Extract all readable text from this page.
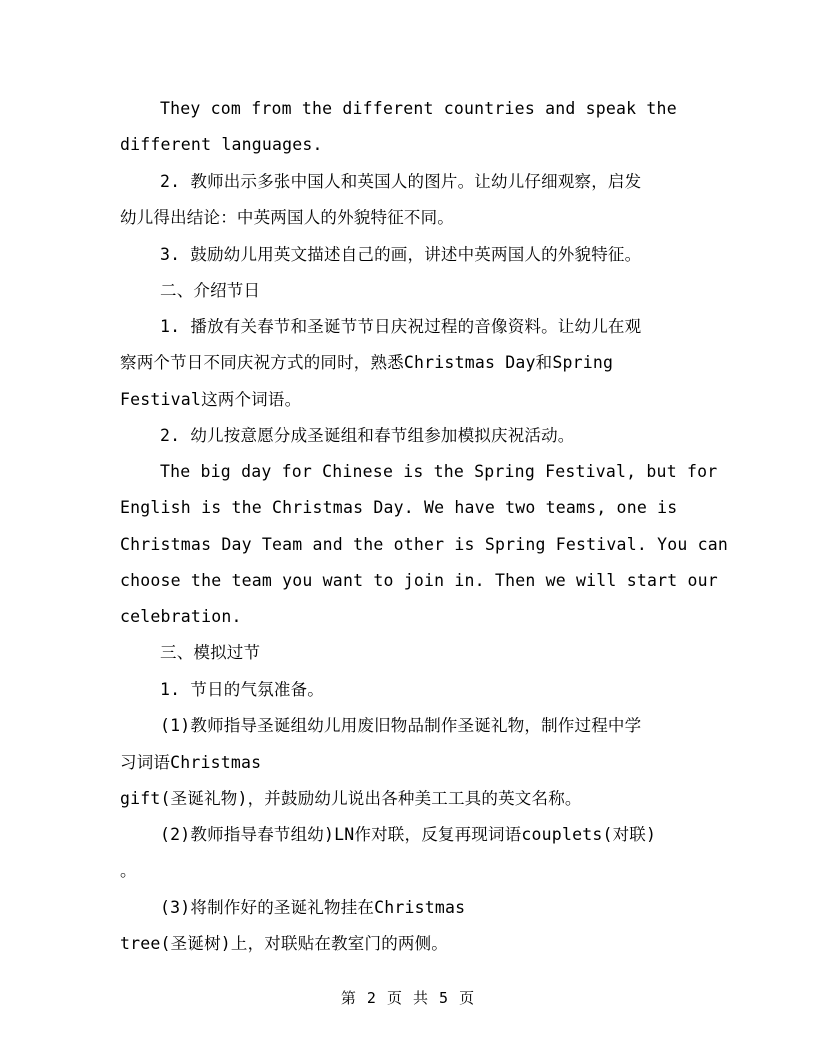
They com from the different countries and speak the
different languages.
2. 教师出示多张中国人和英国人的图片。让幼儿仔细观察，启发
幼儿得出结论：中英两国人的外貌特征不同。
3. 鼓励幼儿用英文描述自己的画，讲述中英两国人的外貌特征。
二、介绍节日
1. 播放有关春节和圣诞节节日庆祝过程的音像资料。让幼儿在观
察两个节日不同庆祝方式的同时，熟悉Christmas Day和Spring
Festival这两个词语。
2. 幼儿按意愿分成圣诞组和春节组参加模拟庆祝活动。
The big day for Chinese is the Spring Festival, but for
English is the Christmas Day. We have two teams, one is
Christmas Day Team and the other is Spring Festival. You can
choose the team you want to join in. Then we will start our
celebration.
三、模拟过节
1. 节日的气氛准备。
(1)教师指导圣诞组幼儿用废旧物品制作圣诞礼物，制作过程中学
习词语Christmas
gift(圣诞礼物)，并鼓励幼儿说出各种美工工具的英文名称。
(2)教师指导春节组幼)LN作对联，反复再现词语couplets(对联)
。
(3)将制作好的圣诞礼物挂在Christmas
tree(圣诞树)上，对联贴在教室门的两侧。
第 2 页 共 5 页
